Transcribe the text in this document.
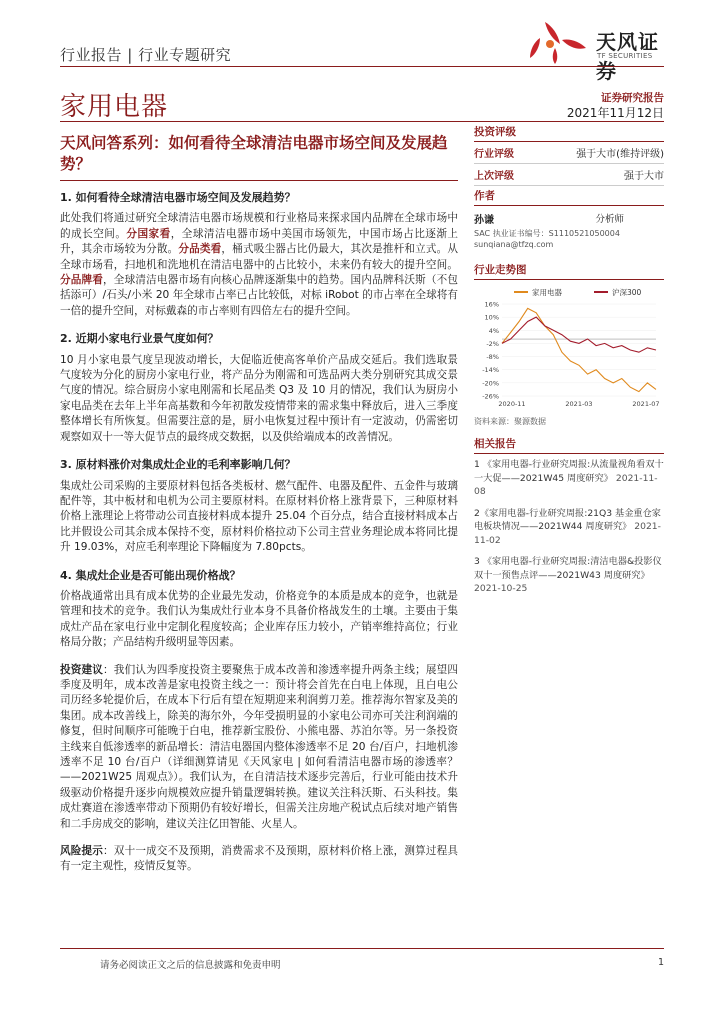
行业报告 | 行业专题研究
天风证券
TF SECURITIES
家用电器	证券研究报告
2021年11月12日
天风问答系列：如何看待全球清洁电器市场空间及发展趋势？
1. 如何看待全球清洁电器市场空间及发展趋势？

此处我们将通过研究全球清洁电器市场规模和行业格局来探求国内品牌在全球市场中的成长空间。分国家看，全球清洁电器市场中美国市场领先，中国市场占比逐渐上升，其余市场较为分散。分品类看，桶式吸尘器占比仍最大，其次是推杆和立式。从全球市场看，扫地机和洗地机在清洁电器中的占比较小，未来仍有较大的提升空间。分品牌看，全球清洁电器市场有向核心品牌逐渐集中的趋势。国内品牌科沃斯（不包括添可）/石头/小米 20 年全球市占率已占比较低，对标 iRobot 的市占率在全球将有一倍的提升空间，对标戴森的市占率则有四倍左右的提升空间。

2. 近期小家电行业景气度如何？

10 月小家电景气度呈现波动增长，大促临近使高客单价产品成交延后。我们选取景气度较为分化的厨房小家电行业，将产品分为刚需和可选品两大类分别研究其成交景气度的情况。综合厨房小家电刚需和长尾品类 Q3 及 10 月的情况，我们认为厨房小家电品类在去年上半年高基数和今年初散发疫情带来的需求集中释放后，进入三季度整体增长有所恢复。但需要注意的是，厨小电恢复过程中预计有一定波动，仍需密切观察如双十一等大促节点的最终成交数据，以及供给端成本的改善情况。

3. 原材料涨价对集成灶企业的毛利率影响几何？

集成灶公司采购的主要原材料包括各类板材、燃气配件、电器及配件、五金件与玻璃配件等，其中板材和电机为公司主要原材料。在原材料价格上涨背景下，三种原材料价格上涨理论上将带动公司直接材料成本提升 25.04 个百分点，结合直接材料成本占比并假设公司其余成本保持不变，原材料价格拉动下公司主营业务理论成本将同比提升 19.03%，对应毛利率理论下降幅度为 7.80pcts。

4. 集成灶企业是否可能出现价格战？

价格战通常出具有成本优势的企业最先发动，价格竞争的本质是成本的竞争，也就是管理和技术的竞争。我们认为集成灶行业本身不具备价格战发生的土壤。主要由于集成灶产品在家电行业中定制化程度较高；企业库存压力较小，产销率维持高位；行业格局分散；产品结构升级明显等因素。

投资建议：我们认为四季度投资主要聚焦于成本改善和渗透率提升两条主线；展望四季度及明年，成本改善是家电投资主线之一：预计将会首先在白电上体现，且白电公司历经多轮提价后，在成本下行后有望在短期迎来利润剪刀差。推荐海尔智家及美的集团。成本改善线上，除美的海尔外，今年受损明显的小家电公司亦可关注利润端的修复，但时间顺序可能晚于白电，推荐新宝股份、小熊电器、苏泊尔等。另一条投资主线来自低渗透率的新品增长：清洁电器国内整体渗透率不足 20 台/百户，扫地机渗透率不足 10 台/百户（详细测算请见《天风家电 | 如何看清洁电器市场的渗透率？——2021W25 周观点》）。我们认为，在自清洁技术逐步完善后，行业可能由技术升级驱动价格提升逐步向规模效应提升销量逻辑转换。建议关注科沃斯、石头科技。集成灶赛道在渗透率带动下预期仍有较好增长，但需关注房地产税试点后续对地产销售和二手房成交的影响，建议关注亿田智能、火星人。

风险提示：双十一成交不及预期，消费需求不及预期，原材料价格上涨，测算过程具有一定主观性，疫情反复等。

投资评级
行业评级	强于大市(维持评级)
上次评级	强于大市
作者
孙谦	分析师
SAC 执业证书编号：S1110521050004
sunqiana@tfzq.com
行业走势图
家用电器	沪深300
16%
10%
4%
-2%
-8%
-14%
-20%
-26%
2020-11	2021-03	2021-07
资料来源：聚源数据
相关报告
1 《家用电器-行业研究周报:从流量视角看双十一大促——2021W45 周度研究》 2021-11-08
2《家用电器-行业研究周报:21Q3 基金重仓家电板块情况——2021W44 周度研究》 2021-11-02
3 《家用电器-行业研究周报:清洁电器&投影仪双十一预售点评——2021W43 周度研究》 2021-10-25
请务必阅读正文之后的信息披露和免责申明	1
